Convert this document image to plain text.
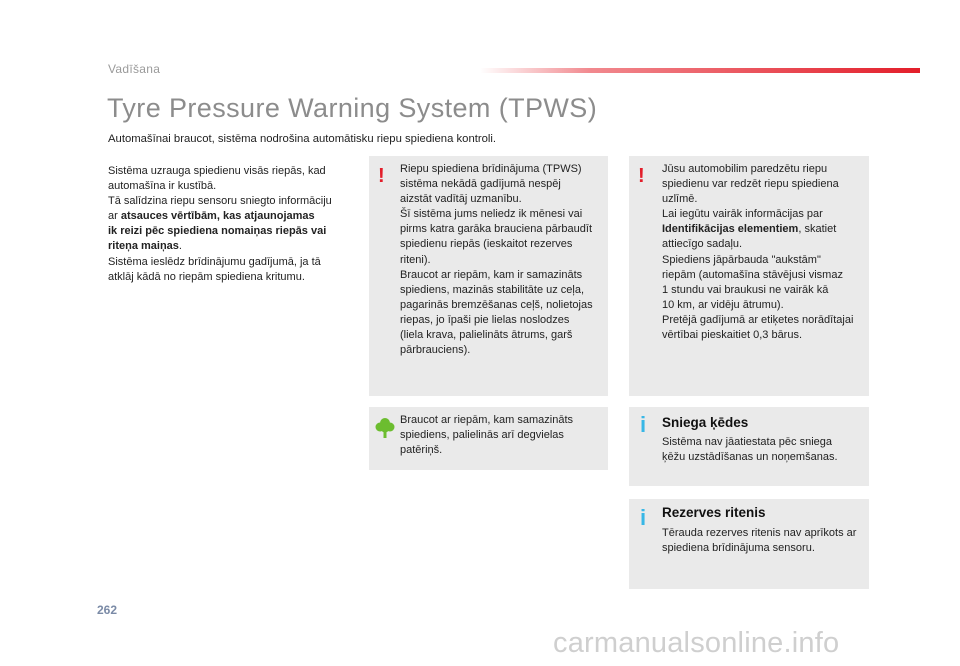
Vadīšana
Tyre Pressure Warning System (TPWS)
Automašīnai braucot, sistēma nodrošina automātisku riepu spiediena kontroli.
Sistēma uzrauga spiedienu visās riepās, kad
automašīna ir kustībā.
Tā salīdzina riepu sensoru sniegto informāciju
ar atsauces vērtībām, kas atjaunojamas
ik reizi pēc spiediena nomaiņas riepās vai
riteņa maiņas.
Sistēma ieslēdz brīdinājumu gadījumā, ja tā
atklāj kādā no riepām spiediena kritumu.
! Riepu spiediena brīdinājuma (TPWS)
sistēma nekādā gadījumā nespēj
aizstāt vadītāj uzmanību.
Šī sistēma jums neliedz ik mēnesi vai
pirms katra garāka brauciena pārbaudīt
spiedienu riepās (ieskaitot rezerves
riteni).
Braucot ar riepām, kam ir samazināts
spiediens, mazinās stabilitāte uz ceļa,
pagarinās bremzēšanas ceļš, nolietojas
riepas, jo īpaši pie lielas noslodzes
(liela krava, palielināts ātrums, garš
pārbrauciens).
! Jūsu automobilim paredzētu riepu
spiedienu var redzēt riepu spiediena
uzlīmē.
Lai iegūtu vairāk informācijas par
Identifikācijas elementiem, skatiet
attiecīgo sadaļu.
Spiediens jāpārbauda "aukstām"
riepām (automašīna stāvējusi vismaz
1 stundu vai braukusi ne vairāk kā
10 km, ar vidēju ātrumu).
Pretējā gadījumā ar etiķetes norādītajai
vērtībai pieskaitiet 0,3 bārus.
Braucot ar riepām, kam samazināts
spiediens, palielinās arī degvielas
patēriņš.
i Sniega ķēdes
Sistēma nav jāatiestata pēc sniega
ķēžu uzstādīšanas un noņemšanas.
i Rezerves ritenis
Tērauda rezerves ritenis nav aprīkots ar
spiediena brīdinājuma sensoru.
262
carmanualsonline.info
